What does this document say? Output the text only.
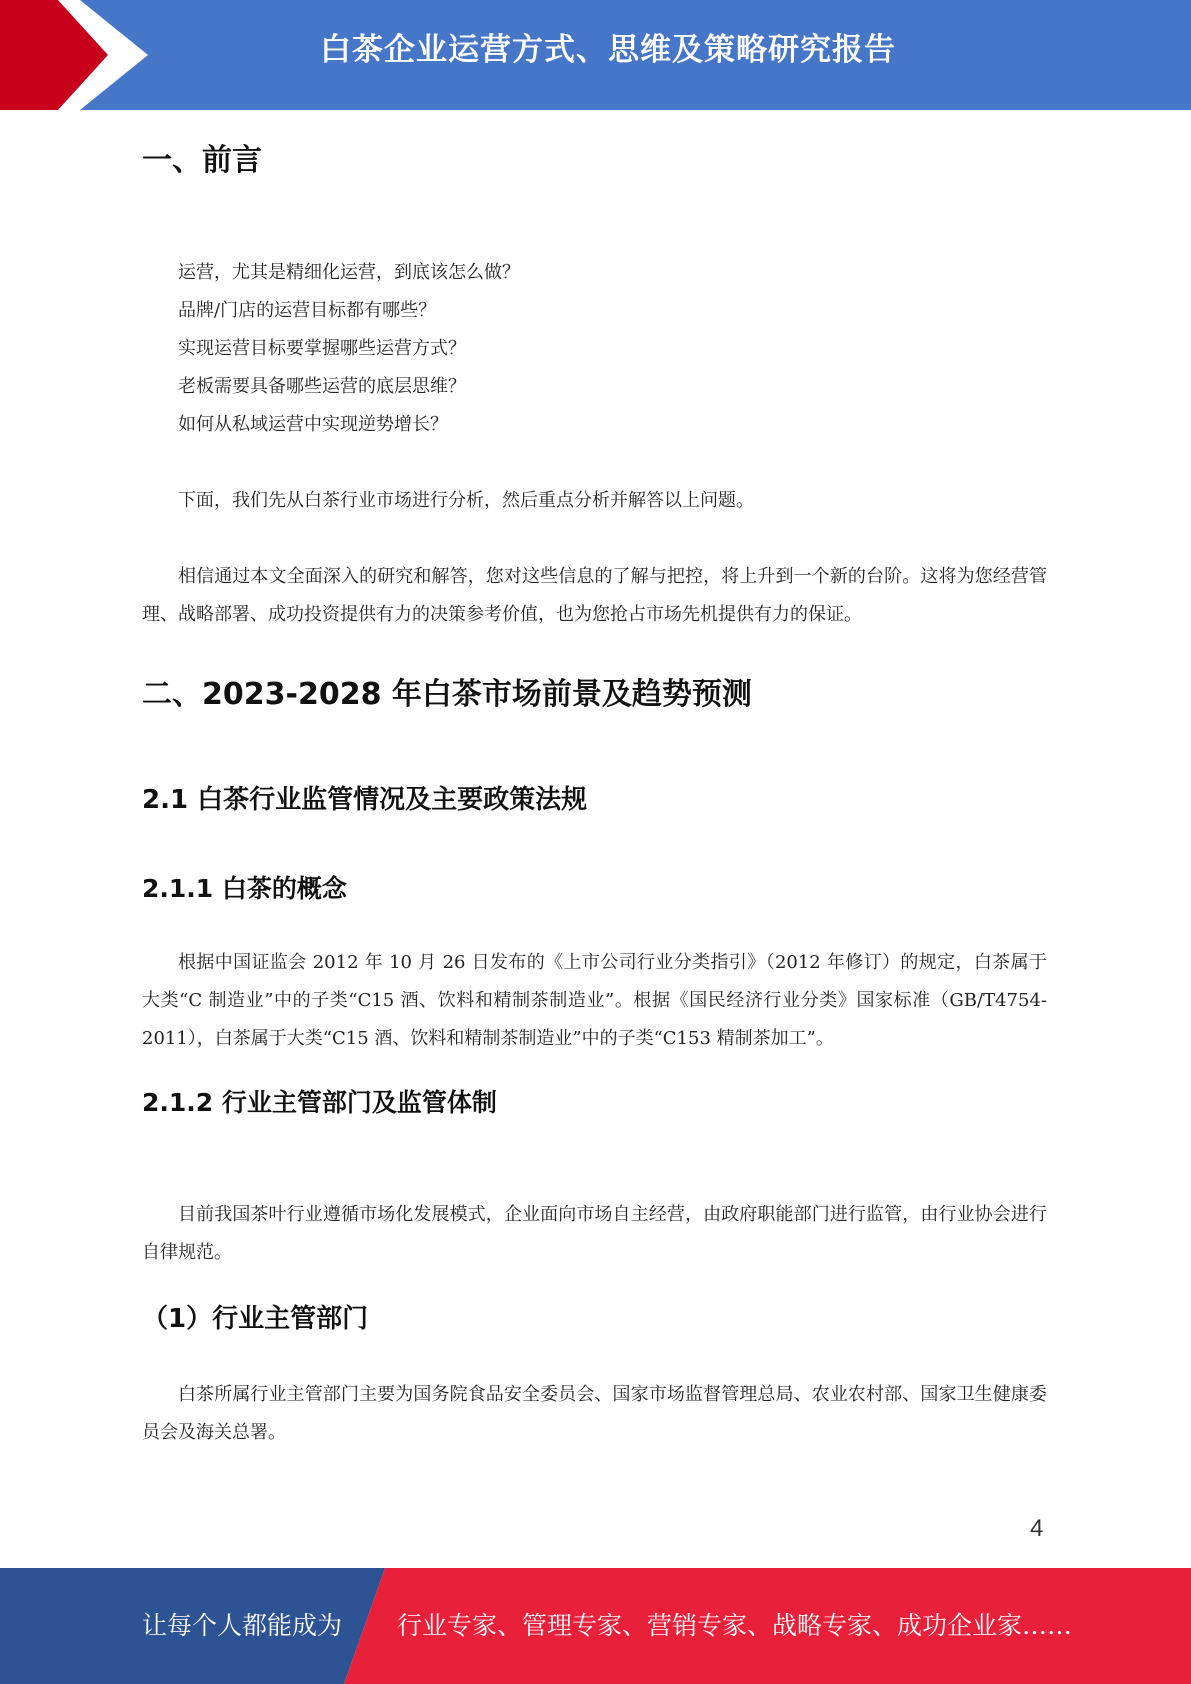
白茶企业运营方式、思维及策略研究报告
一、前言

运营，尤其是精细化运营，到底该怎么做？

品牌/门店的运营目标都有哪些？

实现运营目标要掌握哪些运营方式？

老板需要具备哪些运营的底层思维？

如何从私域运营中实现逆势增长？

下面，我们先从白茶行业市场进行分析，然后重点分析并解答以上问题。

相信通过本文全面深入的研究和解答，您对这些信息的了解与把控，将上升到一个新的台阶。这将为您经营管理、战略部署、成功投资提供有力的决策参考价值，也为您抢占市场先机提供有力的保证。

二、2023-2028 年白茶市场前景及趋势预测
2.1 白茶行业监管情况及主要政策法规
2.1.1 白茶的概念

根据中国证监会 2012 年 10 月 26 日发布的《上市公司行业分类指引》（2012 年修订）的规定，白茶属于大类“C 制造业”中的子类“C15 酒、饮料和精制茶制造业”。根据《国民经济行业分类》国家标准（GB/T4754-2011），白茶属于大类“C15 酒、饮料和精制茶制造业”中的子类“C153 精制茶加工”。

2.1.2 行业主管部门及监管体制

目前我国茶叶行业遵循市场化发展模式，企业面向市场自主经营，由政府职能部门进行监管，由行业协会进行自律规范。

（1）行业主管部门

白茶所属行业主管部门主要为国务院食品安全委员会、国家市场监督管理总局、农业农村部、国家卫生健康委员会及海关总署。

4
让每个人都能成为 行业专家、管理专家、营销专家、战略专家、成功企业家……
